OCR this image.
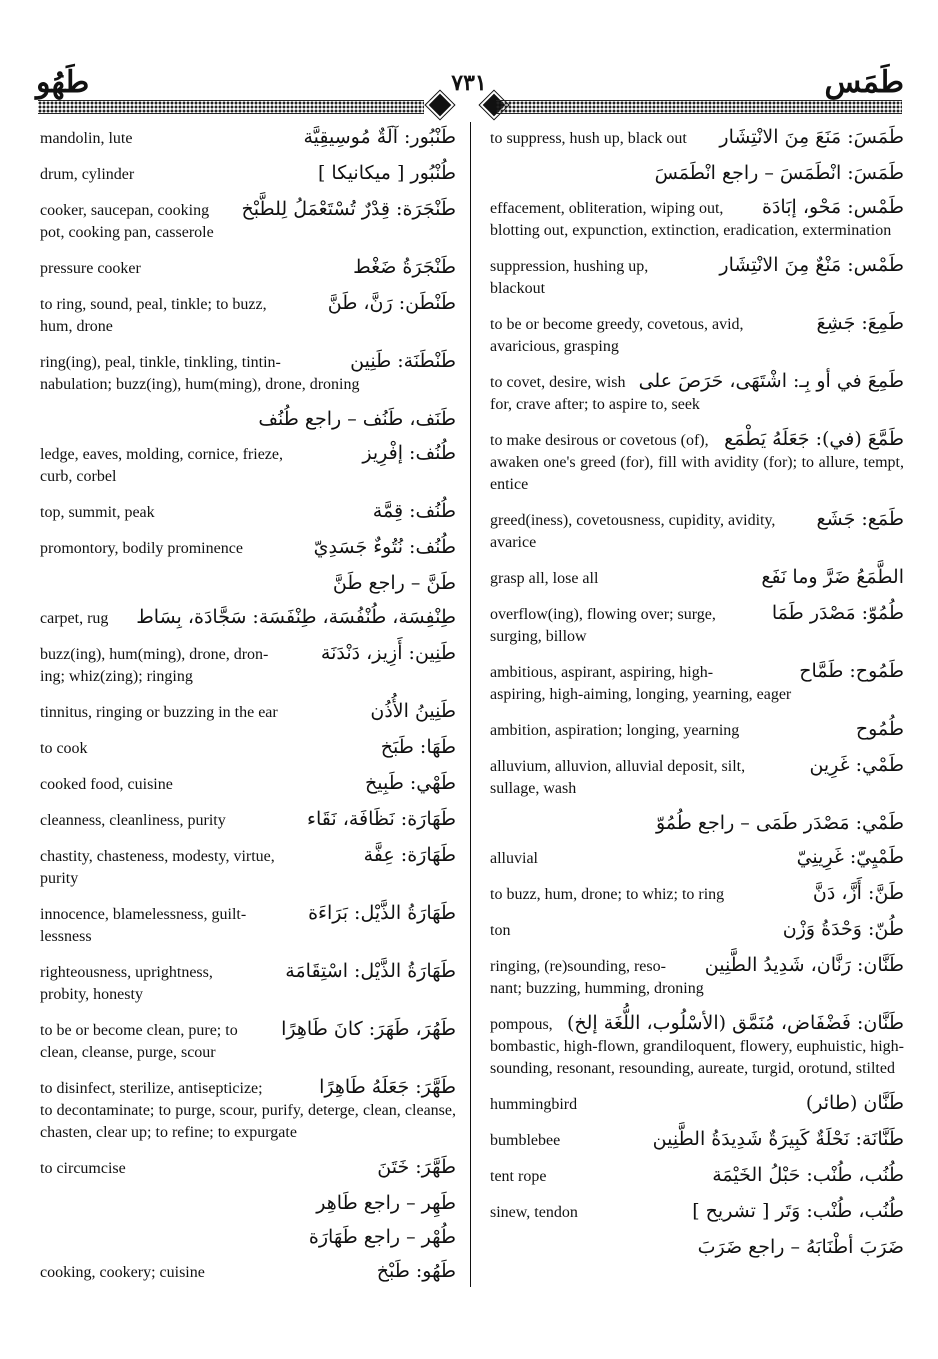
طَهُو	٧٣١	طَمَس
طَنْبُور: آلَةٌ مُوسِيقِيَّة
mandolin, lute
طُنْبُور [ ميكانيكا ]
drum, cylinder
طَنْجَرَة: قِدْرٌ تُسْتَعْمَلُ لِلطَّبْخ
cooker, saucepan, cooking
pot, cooking pan, casserole
طَنْجَرَةُ ضَغْط
pressure cooker
طَنْطَن: رَنَّ، طَنَّ
to ring, sound, peal, tinkle; to buzz,
hum, drone
طَنْطَنَة: طَنِين
ring(ing), peal, tinkle, tinkling, tintin-
nabulation; buzz(ing), hum(ming), drone, droning
طَنَف، طَنُف – راجع طُنُف
طُنُف: إفْرِيز
ledge, eaves, molding, cornice, frieze,
curb, corbel
طُنُف: قِمَّة
top, summit, peak
طُنُف: نُتُوءٌ جَسَدِيّ
promontory, bodily prominence
طَنَّ – راجع طَنَّ
طِنْفِسَة، طُنْفُسَة، طِنْفَسَة: سَجَّادَة، بِسَاط
carpet, rug
طَنِين: أَزِيز، دَنْدَنَة
buzz(ing), hum(ming), drone, dron-
ing; whiz(zing); ringing
طَنِينُ الأُذُن
tinnitus, ringing or buzzing in the ear
طَهَا: طَبَخ
to cook
طَهْي: طَبِيخ
cooked food, cuisine
طَهَارَة: نَظَافَة، نَقَاء
cleanness, cleanliness, purity
طَهَارَة: عِفَّة
chastity, chasteness, modesty, virtue,
purity
طَهَارَةُ الذَّيْل: بَرَاءَة
innocence, blamelessness, guilt-
lessness
طَهَارَةُ الذَّيْل: اسْتِقَامَة
righteousness, uprightness,
probity, honesty
طَهُرَ، طَهَرَ: كانَ طَاهِرًا
to be or become clean, pure; to
clean, cleanse, purge, scour
طَهَّرَ: جَعَلَهُ طَاهِرًا
to disinfect, sterilize, antisepticize;
to decontaminate; to purge, scour, purify, deterge, clean, cleanse, chasten, clear up; to refine; to expurgate
طَهَّرَ: خَتَنَ
to circumcise
طَهِر – راجع طَاهِر
طُهْر – راجع طَهَارَة
طَهُو: طَبْخ
cooking, cookery; cuisine
طَمَسَ: مَنَعَ مِنَ الانْتِشَار
to suppress, hush up, black out
طَمَسَ: انْطَمَسَ – راجع انْطَمَسَ
طَمْس: مَحْو، إبَادَة
effacement, obliteration, wiping out,
blotting out, expunction, extinction, eradication, extermination
طَمْس: مَنْعٌ مِنَ الانْتِشَار
suppression, hushing up,
blackout
طَمِعَ: جَشِعَ
to be or become greedy, covetous, avid,
avaricious, grasping
طَمِعَ في أو بِـ: اشْتَهَى، حَرَصَ على
to covet, desire, wish
for, crave after; to aspire to, seek
طَمَّعَ (في): جَعَلَهُ يَطْمَع
to make desirous or covetous (of),
awaken one's greed (for), fill with avidity (for); to allure, tempt, entice
طَمَع: جَشَع
greed(iness), covetousness, cupidity, avidity,
avarice
الطَّمَعُ ضَرَّ وما نَفَع
grasp all, lose all
طُمُوّ: مَصْدَر طَمَا
overflow(ing), flowing over; surge,
surging, billow
طَمُوح: طَمَّاح
ambitious, aspirant, aspiring, high-
aspiring, high-aiming, longing, yearning, eager
طُمُوح
ambition, aspiration; longing, yearning
طَمْي: غَرِين
alluvium, alluvion, alluvial deposit, silt,
sullage, wash
طَمْي: مَصْدَر طَمَى – راجع طُمُوّ
طَمْيِيّ: غَرِينِيّ
alluvial
طَنَّ: أَزَّ، دَنَّ
to buzz, hum, drone; to whiz; to ring
طُنّ: وَحْدَةُ وَزْن
ton
طَنَّان: رَنَّان، شَدِيدُ الطَّنِين
ringing, (re)sounding, reso-
nant; buzzing, humming, droning
طَنَّان: فَضْفَاض، مُنَمَّق (الأسْلُوب، اللُّغَة إلخ)
pompous,
bombastic, high-flown, grandiloquent, flowery, euphuistic, high-sounding, resonant, resounding, aureate, turgid, orotund, stilted
طَنَّان (طائر)
hummingbird
طَنَّانَة: نَحْلَةٌ كَبِيرَةٌ شَدِيدَةُ الطَّنِين
bumblebee
طُنُب، طُنْب: حَبْلُ الخَيْمَة
tent rope
طُنُب، طُنْب: وَتَر [ تشريح ]
sinew, tendon
ضَرَبَ أطْنَابَهُ – راجع ضَرَبَ
